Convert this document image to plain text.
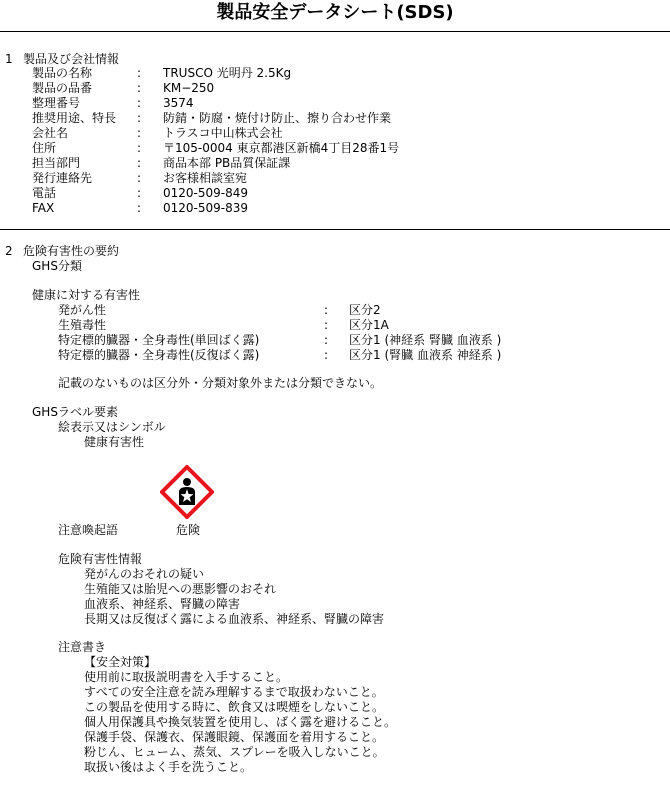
製品安全データシート(SDS)
1 製品及び会社情報
製品の名称	: TRUSCO 光明丹 2.5Kg
製品の品番	: KM−250
整理番号	: 3574
推奨用途、特長 : 防錆・防腐・焼付け防止、擦り合わせ作業
会社名	: トラスコ中山株式会社
住所	: 〒105-0004 東京都港区新橋4丁目28番1号
担当部門	: 商品本部 PB品質保証課
発行連絡先	: お客様相談室宛
電話	: 0120-509-849
FAX	: 0120-509-839
2 危険有害性の要約
GHS分類
健康に対する有害性
発がん性	: 区分2
生殖毒性	: 区分1A
特定標的臓器・全身毒性(単回ばく露)	: 区分1 (神経系 腎臓 血液系 )
特定標的臓器・全身毒性(反復ばく露)	: 区分1 (腎臓 血液系 神経系 )
記載のないものは区分外・分類対象外または分類できない。
GHSラベル要素
絵表示又はシンボル
健康有害性
注意喚起語	危険
危険有害性情報
発がんのおそれの疑い
生殖能又は胎児への悪影響のおそれ
血液系、神経系、腎臓の障害
長期又は反復ばく露による血液系、神経系、腎臓の障害
注意書き
【安全対策】
使用前に取扱説明書を入手すること。
すべての安全注意を読み理解するまで取扱わないこと。
この製品を使用する時に、飲食又は喫煙をしないこと。
個人用保護具や換気装置を使用し、ばく露を避けること。
保護手袋、保護衣、保護眼鏡、保護面を着用すること。
粉じん、ヒューム、蒸気、スプレーを吸入しないこと。
取扱い後はよく手を洗うこと。
